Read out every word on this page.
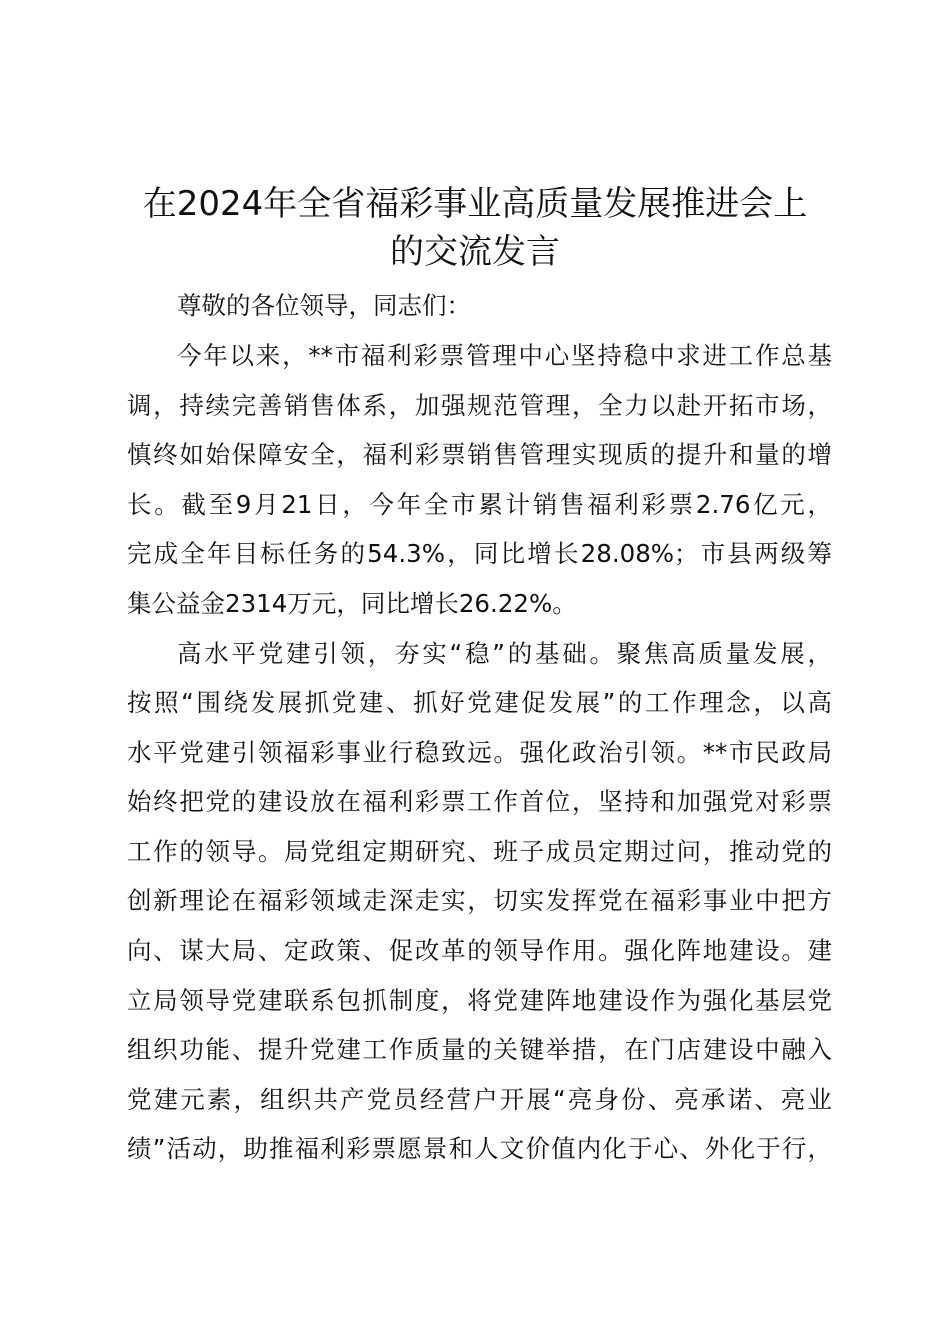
在2024年全省福彩事业高质量发展推进会上
的交流发言

尊敬的各位领导，同志们：

今年以来，**市福利彩票管理中心坚持稳中求进工作总基

调，持续完善销售体系，加强规范管理，全力以赴开拓市场，

慎终如始保障安全，福利彩票销售管理实现质的提升和量的增

长。截至9月21日，今年全市累计销售福利彩票2.76亿元，

完成全年目标任务的54.3%，同比增长28.08%；市县两级筹

集公益金2314万元，同比增长26.22%。

高水平党建引领，夯实“稳”的基础。聚焦高质量发展，

按照“围绕发展抓党建、抓好党建促发展”的工作理念，以高

水平党建引领福彩事业行稳致远。强化政治引领。**市民政局

始终把党的建设放在福利彩票工作首位，坚持和加强党对彩票

工作的领导。局党组定期研究、班子成员定期过问，推动党的

创新理论在福彩领域走深走实，切实发挥党在福彩事业中把方

向、谋大局、定政策、促改革的领导作用。强化阵地建设。建

立局领导党建联系包抓制度，将党建阵地建设作为强化基层党

组织功能、提升党建工作质量的关键举措，在门店建设中融入

党建元素，组织共产党员经营户开展“亮身份、亮承诺、亮业

绩”活动，助推福利彩票愿景和人文价值内化于心、外化于行，
